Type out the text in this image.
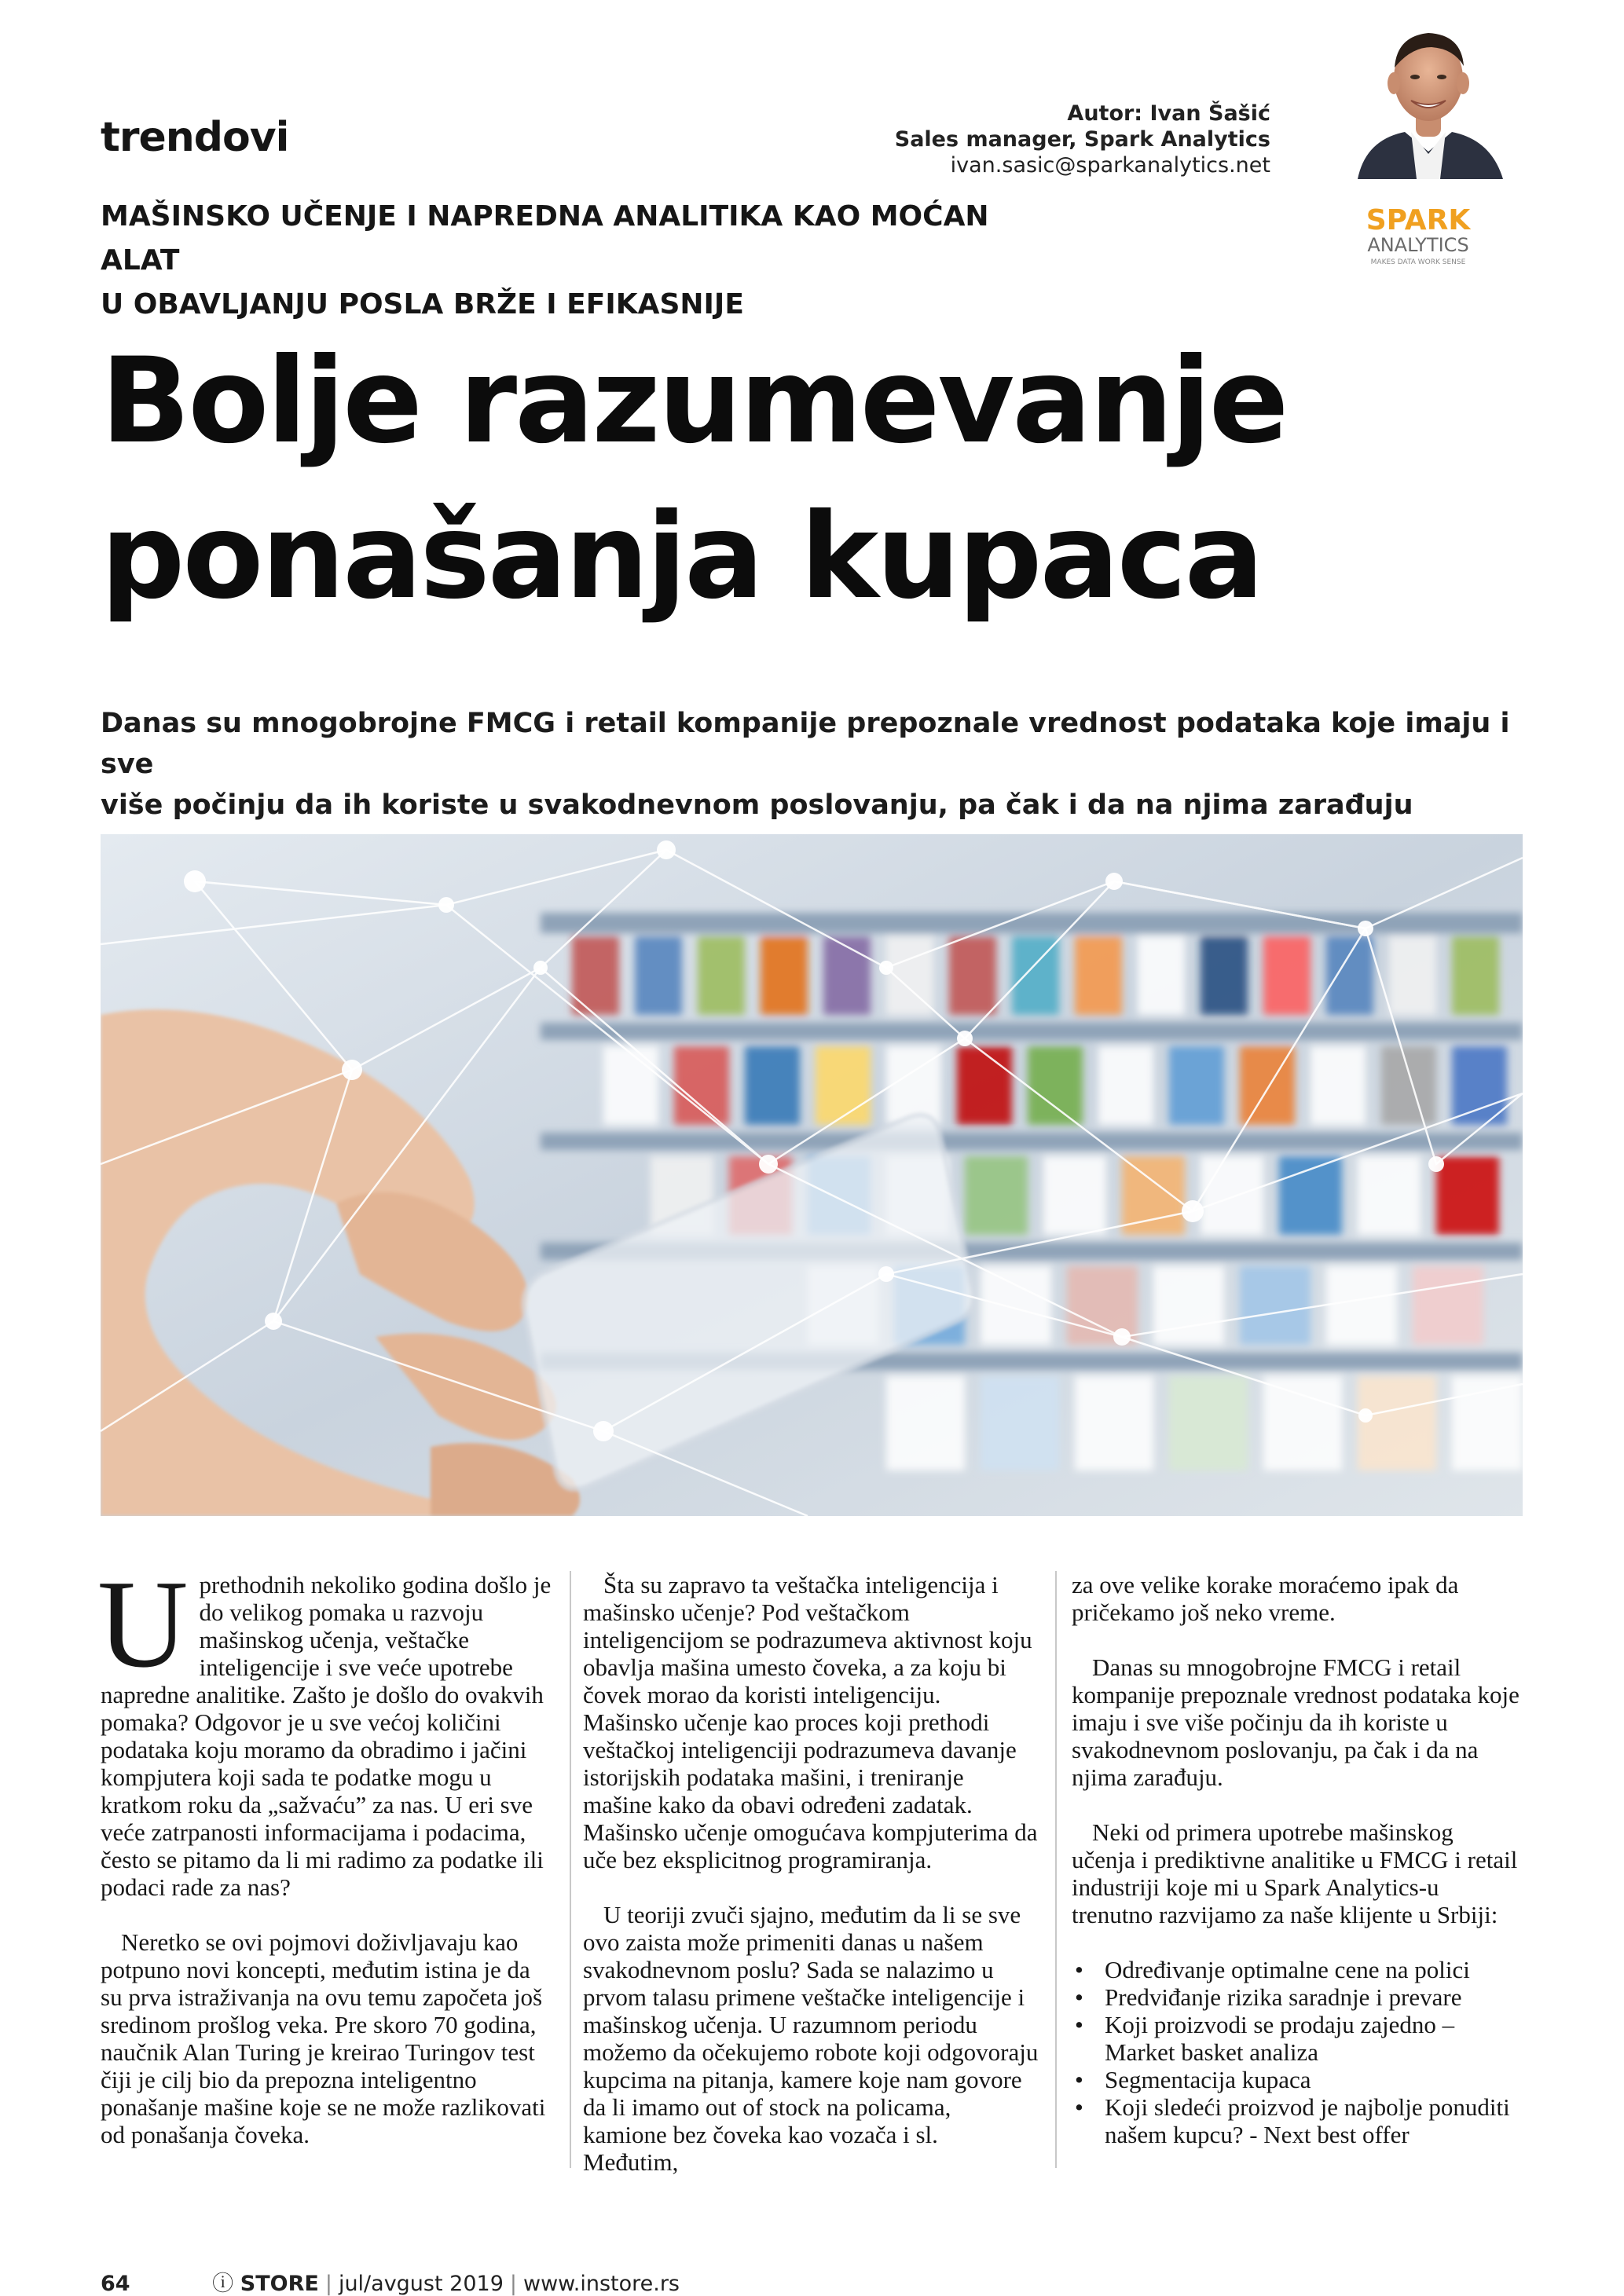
trendovi
Autor: Ivan Šašić
Sales manager, Spark Analytics
ivan.sasic@sparkanalytics.net
SPARK
ANALYTICS
MAKES DATA WORK SENSE
MAŠINSKO UČENJE I NAPREDNA ANALITIKA KAO MOĆAN ALAT
U OBAVLJANJU POSLA BRŽE I EFIKASNIJE
Bolje razumevanje
ponašanja kupaca
Danas su mnogobrojne FMCG i retail kompanije prepoznale vrednost podataka koje imaju i sve
više počinju da ih koriste u svakodnevnom poslovanju, pa čak i da na njima zarađuju

Uprethodnih nekoliko godina došlo je do velikog pomaka u razvoju mašinskog učenja, veštačke inteligencije i sve veće upotrebe napredne analitike. Zašto je došlo do ovakvih pomaka? Odgovor je u sve većoj količini podataka koju moramo da obradimo i jačini kompjutera koji sada te podatke mogu u kratkom roku da „sažvaću” za nas. U eri sve veće zatrpanosti informacijama i podacima, često se pitamo da li mi radimo za podatke ili podaci rade za nas?

Neretko se ovi pojmovi doživljavaju kao potpuno novi koncepti, međutim istina je da su prva istraživanja na ovu temu započeta još sredinom prošlog veka. Pre skoro 70 godina, naučnik Alan Turing je kreirao Turingov test čiji je cilj bio da prepozna inteligentno ponašanje mašine koje se ne može razlikovati od ponašanja čoveka.

Šta su zapravo ta veštačka inteligencija i mašinsko učenje? Pod veštačkom inteligencijom se podrazumeva aktivnost koju obavlja mašina umesto čoveka, a za koju bi čovek morao da koristi inteligenciju. Mašinsko učenje kao proces koji prethodi veštačkoj inteligenciji podrazumeva davanje istorijskih podataka mašini, i treniranje mašine kako da obavi određeni zadatak. Mašinsko učenje omogućava kompjuterima da uče bez eksplicitnog programiranja.

U teoriji zvuči sjajno, međutim da li se sve ovo zaista može primeniti danas u našem svakodnevnom poslu? Sada se nalazimo u prvom talasu primene veštačke inteligencije i mašinskog učenja. U razumnom periodu možemo da očekujemo robote koji odgovoraju kupcima na pitanja, kamere koje nam govore da li imamo out of stock na policama, kamione bez čoveka kao vozača i sl. Međutim,

za ove velike korake moraćemo ipak da pričekamo još neko vreme.

Danas su mnogobrojne FMCG i retail kompanije prepoznale vrednost podataka koje imaju i sve više počinju da ih koriste u svakodnevnom poslovanju, pa čak i da na njima zarađuju.

Neki od primera upotrebe mašinskog učenja i prediktivne analitike u FMCG i retail industriji koje mi u Spark Analytics-u trenutno razvijamo za naše klijente u Srbiji:

• Određivanje optimalne cene na polici
• Predviđanje rizika saradnje i prevare
• Koji proizvodi se prodaju zajedno – Market basket analiza
• Segmentacija kupaca
• Koji sledeći proizvod je najbolje ponuditi našem kupcu? - Next best offer
64	ⓘ STORE | jul/avgust 2019 | www.instore.rs
